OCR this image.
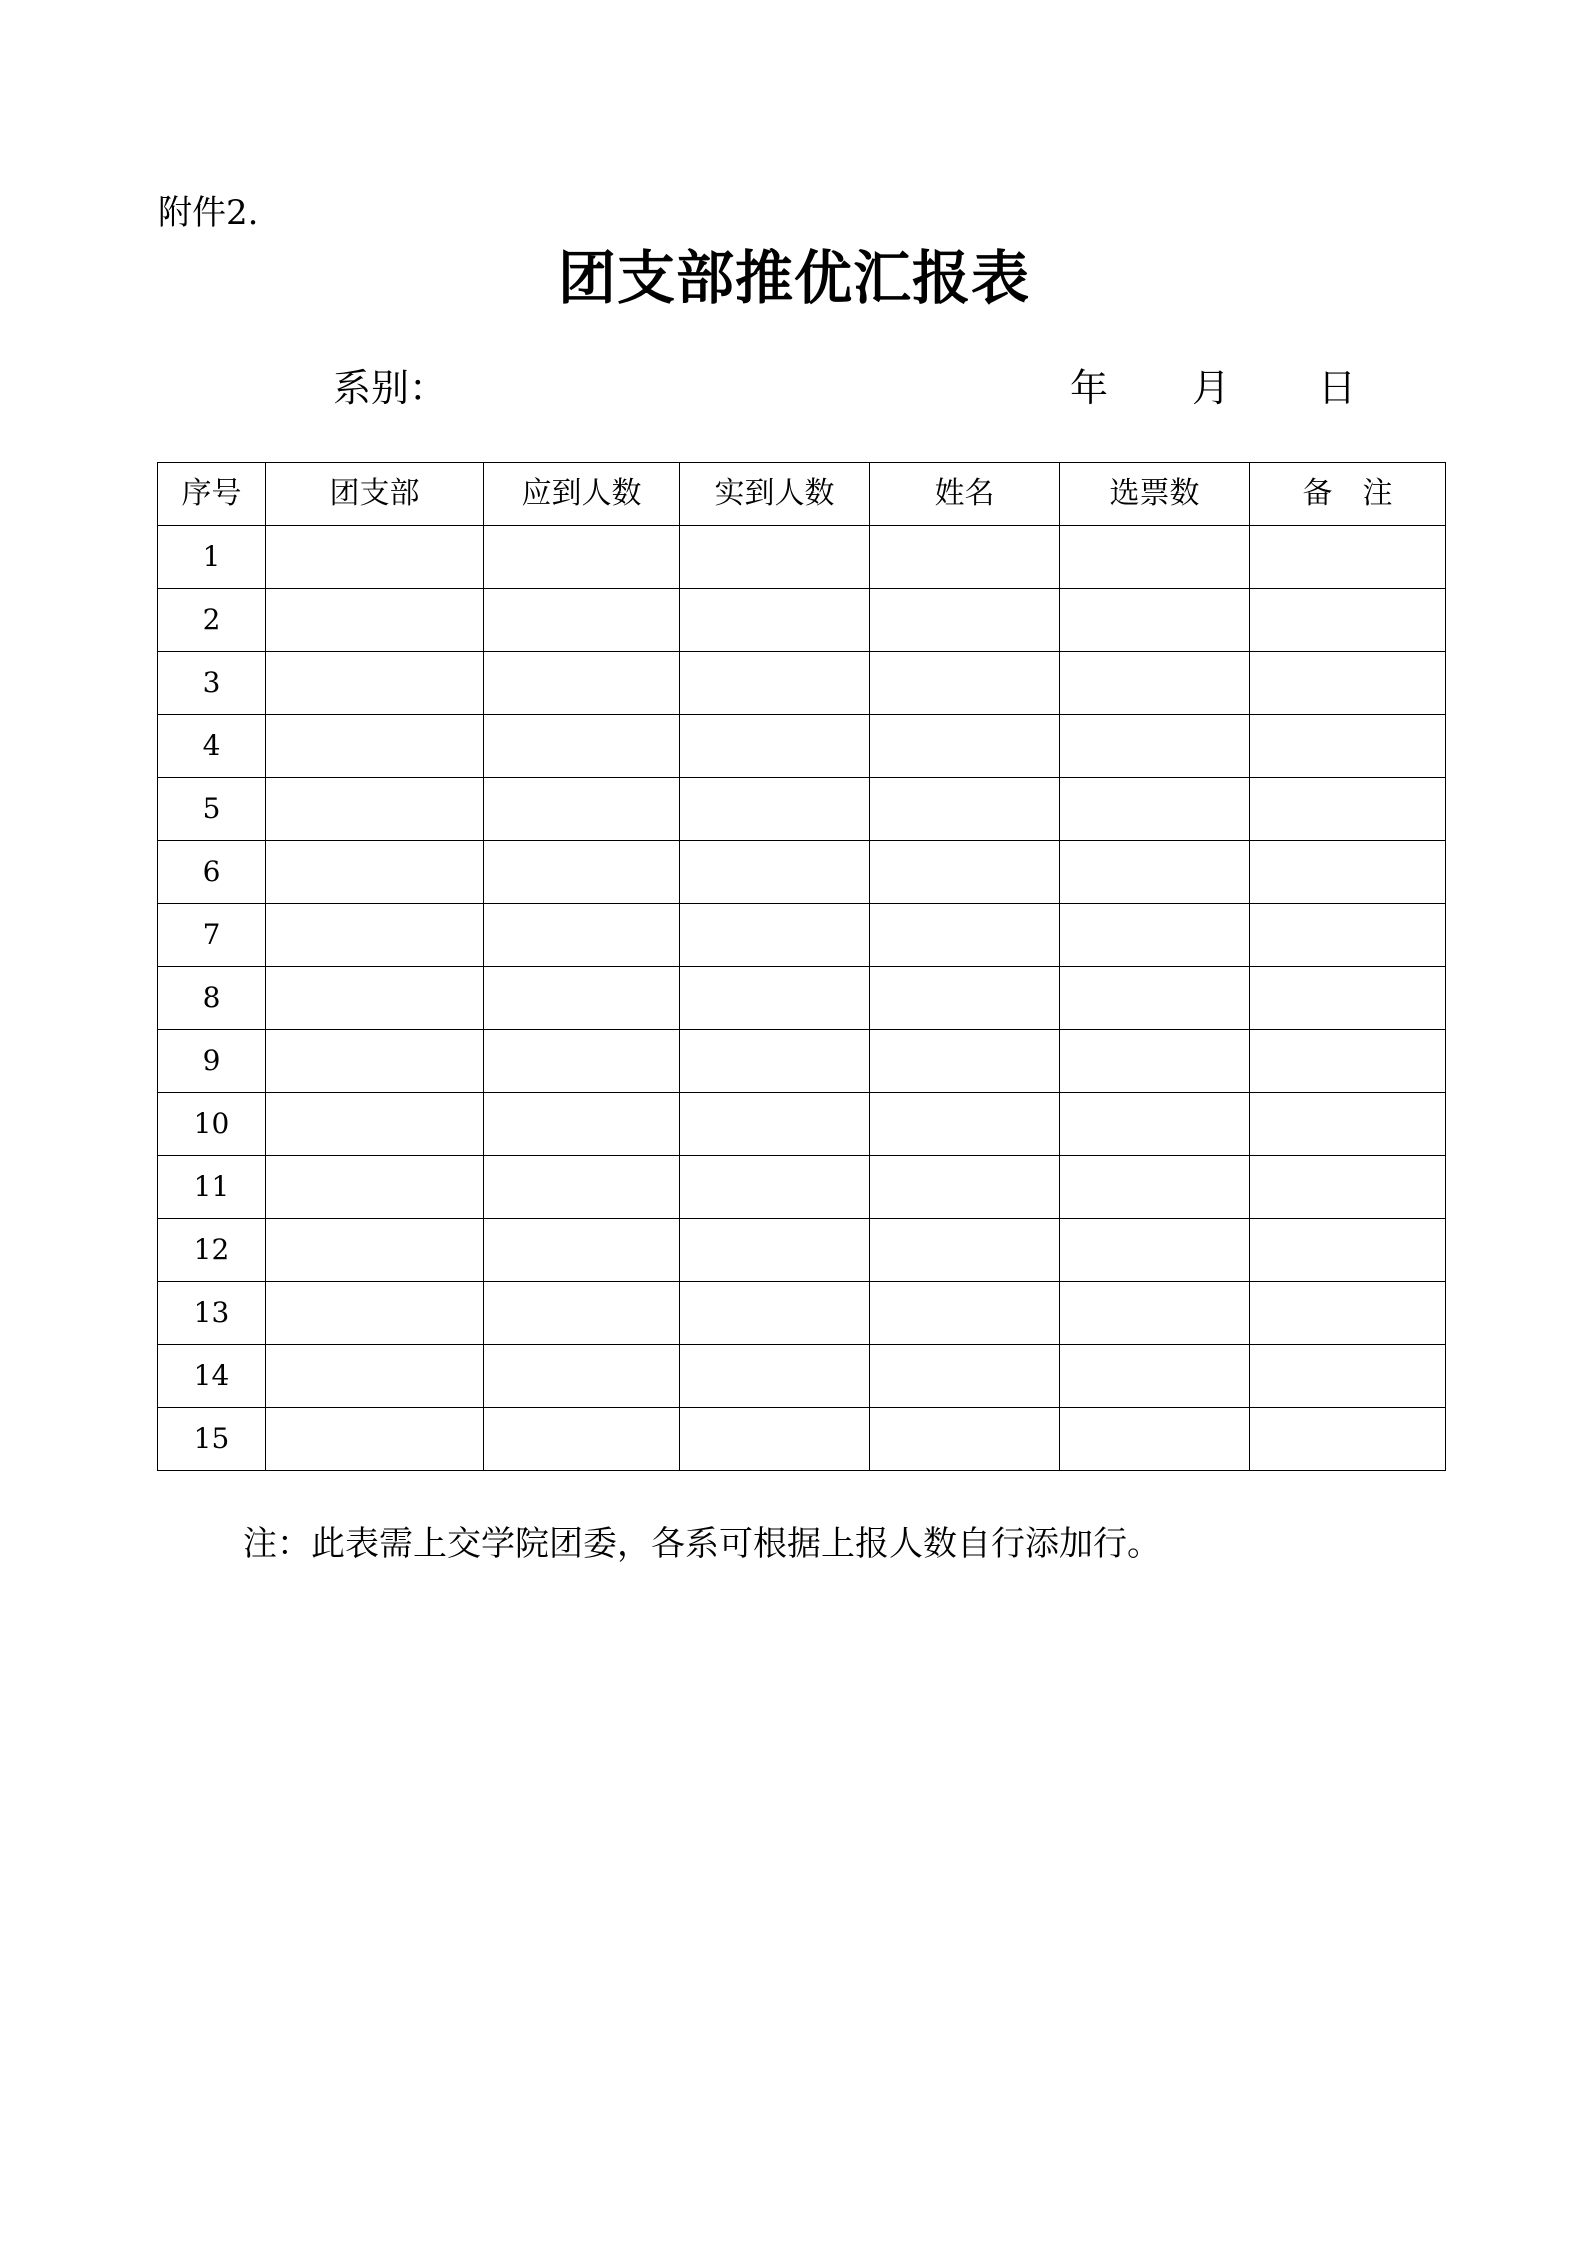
附件2.
团支部推优汇报表
系别：	年 月 日
序号	团支部	应到人数	实到人数	姓名	选票数	备　注
1						
2						
3						
4						
5						
6						
7						
8						
9						
10						
11						
12						
13						
14						
15						
注：此表需上交学院团委，各系可根据上报人数自行添加行。
